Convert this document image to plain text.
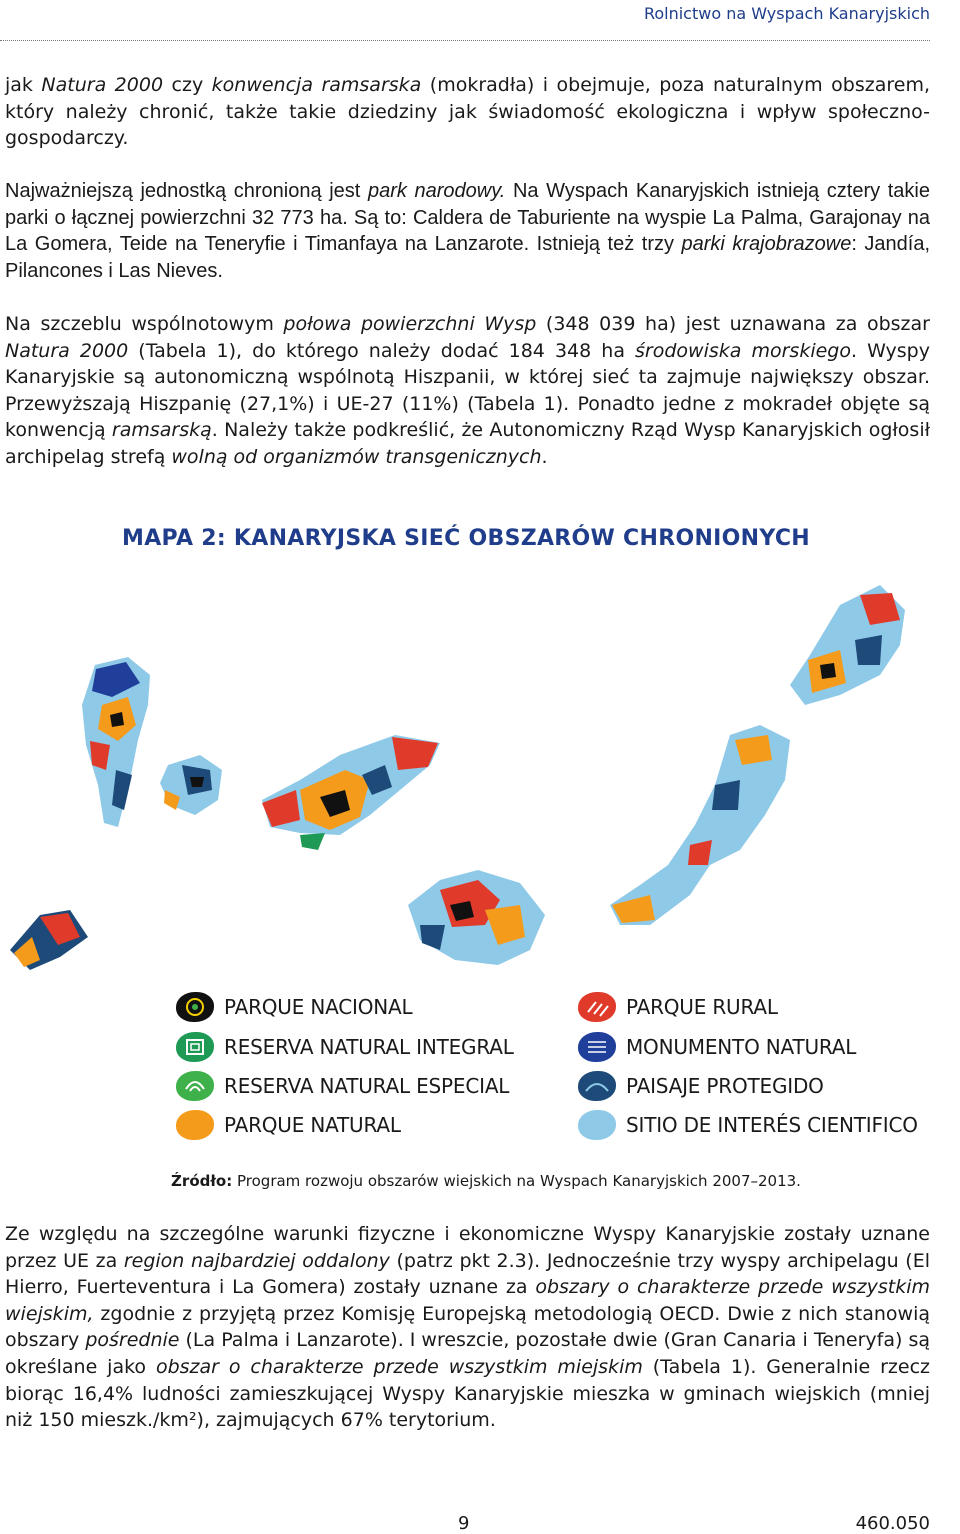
Rolnictwo na Wyspach Kanaryjskich

jak Natura 2000 czy konwencja ramsarska (mokradła) i obejmuje, poza naturalnym obszarem, który należy chronić, także takie dziedziny jak świadomość ekologiczna i wpływ społeczno-gospodarczy.

Najważniejszą jednostką chronioną jest park narodowy. Na Wyspach Kanaryjskich istnieją cztery takie parki o łącznej powierzchni 32 773 ha. Są to: Caldera de Taburiente na wyspie La Palma, Garajonay na La Gomera, Teide na Teneryfie i Timanfaya na Lanzarote. Istnieją też trzy parki krajobrazowe: Jandía, Pilancones i Las Nieves.

Na szczeblu wspólnotowym połowa powierzchni Wysp (348 039 ha) jest uznawana za obszar Natura 2000 (Tabela 1), do którego należy dodać 184 348 ha środowiska morskiego. Wyspy Kanaryjskie są autonomiczną wspólnotą Hiszpanii, w której sieć ta zajmuje największy obszar. Przewyższają Hiszpanię (27,1%) i UE-27 (11%) (Tabela 1). Ponadto jedne z mokradeł objęte są konwencją ramsarską. Należy także podkreślić, że Autonomiczny Rząd Wysp Kanaryjskich ogłosił archipelag strefą wolną od organizmów transgenicznych.

MAPA 2: KANARYJSKA SIEĆ OBSZARÓW CHRONIONYCH
PARQUE NACIONAL
RESERVA NATURAL INTEGRAL
RESERVA NATURAL ESPECIAL
PARQUE NATURAL
PARQUE RURAL
MONUMENTO NATURAL
PAISAJE PROTEGIDO
SITIO DE INTERÉS CIENTIFICO
Źródło: Program rozwoju obszarów wiejskich na Wyspach Kanaryjskich 2007–2013.

Ze względu na szczególne warunki fizyczne i ekonomiczne Wyspy Kanaryjskie zostały uznane przez UE za region najbardziej oddalony (patrz pkt 2.3). Jednocześnie trzy wyspy archipelagu (El Hierro, Fuerteventura i La Gomera) zostały uznane za obszary o charakterze przede wszystkim wiejskim, zgodnie z przyjętą przez Komisję Europejską metodologią OECD. Dwie z nich stanowią obszary pośrednie (La Palma i Lanzarote). I wreszcie, pozostałe dwie (Gran Canaria i Teneryfa) są określane jako obszar o charakterze przede wszystkim miejskim (Tabela 1). Generalnie rzecz biorąc 16,4% ludności zamieszkującej Wyspy Kanaryjskie mieszka w gminach wiejskich (mniej niż 150 mieszk./km²), zajmujących 67% terytorium.

9	460.050
